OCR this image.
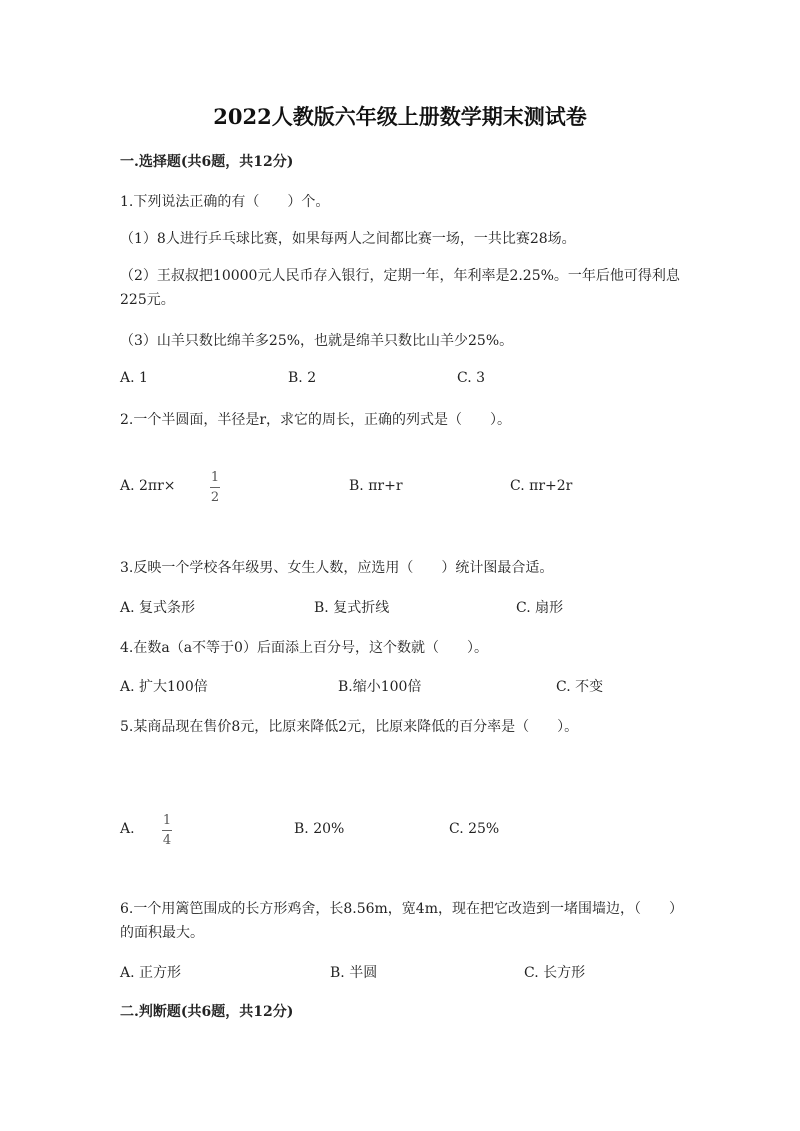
2022人教版六年级上册数学期末测试卷
一.选择题(共6题，共12分)
1.下列说法正确的有（　　）个。
（1）8人进行乒乓球比赛，如果每两人之间都比赛一场，一共比赛28场。
（2）王叔叔把10000元人民币存入银行，定期一年，年利率是2.25%。一年后他可得利息225元。
（3）山羊只数比绵羊多25%，也就是绵羊只数比山羊少25%。
A. 1	B. 2	C. 3
2.一个半圆面，半径是r，求它的周长，正确的列式是（　　）。
A. 2πr×
1
2
B. πr+r	C. πr+2r
3.反映一个学校各年级男、女生人数，应选用（　　）统计图最合适。
A. 复式条形	B. 复式折线	C. 扇形
4.在数a（a不等于0）后面添上百分号，这个数就（　　）。
A. 扩大100倍	B.缩小100倍	C. 不变
5.某商品现在售价8元，比原来降低2元，比原来降低的百分率是（　　）。
A.
1
4
B. 20%	C. 25%
6.一个用篱笆围成的长方形鸡舍，长8.56m，宽4m，现在把它改造到一堵围墙边，（　　）的面积最大。
A. 正方形	B. 半圆	C. 长方形
二.判断题(共6题，共12分)
